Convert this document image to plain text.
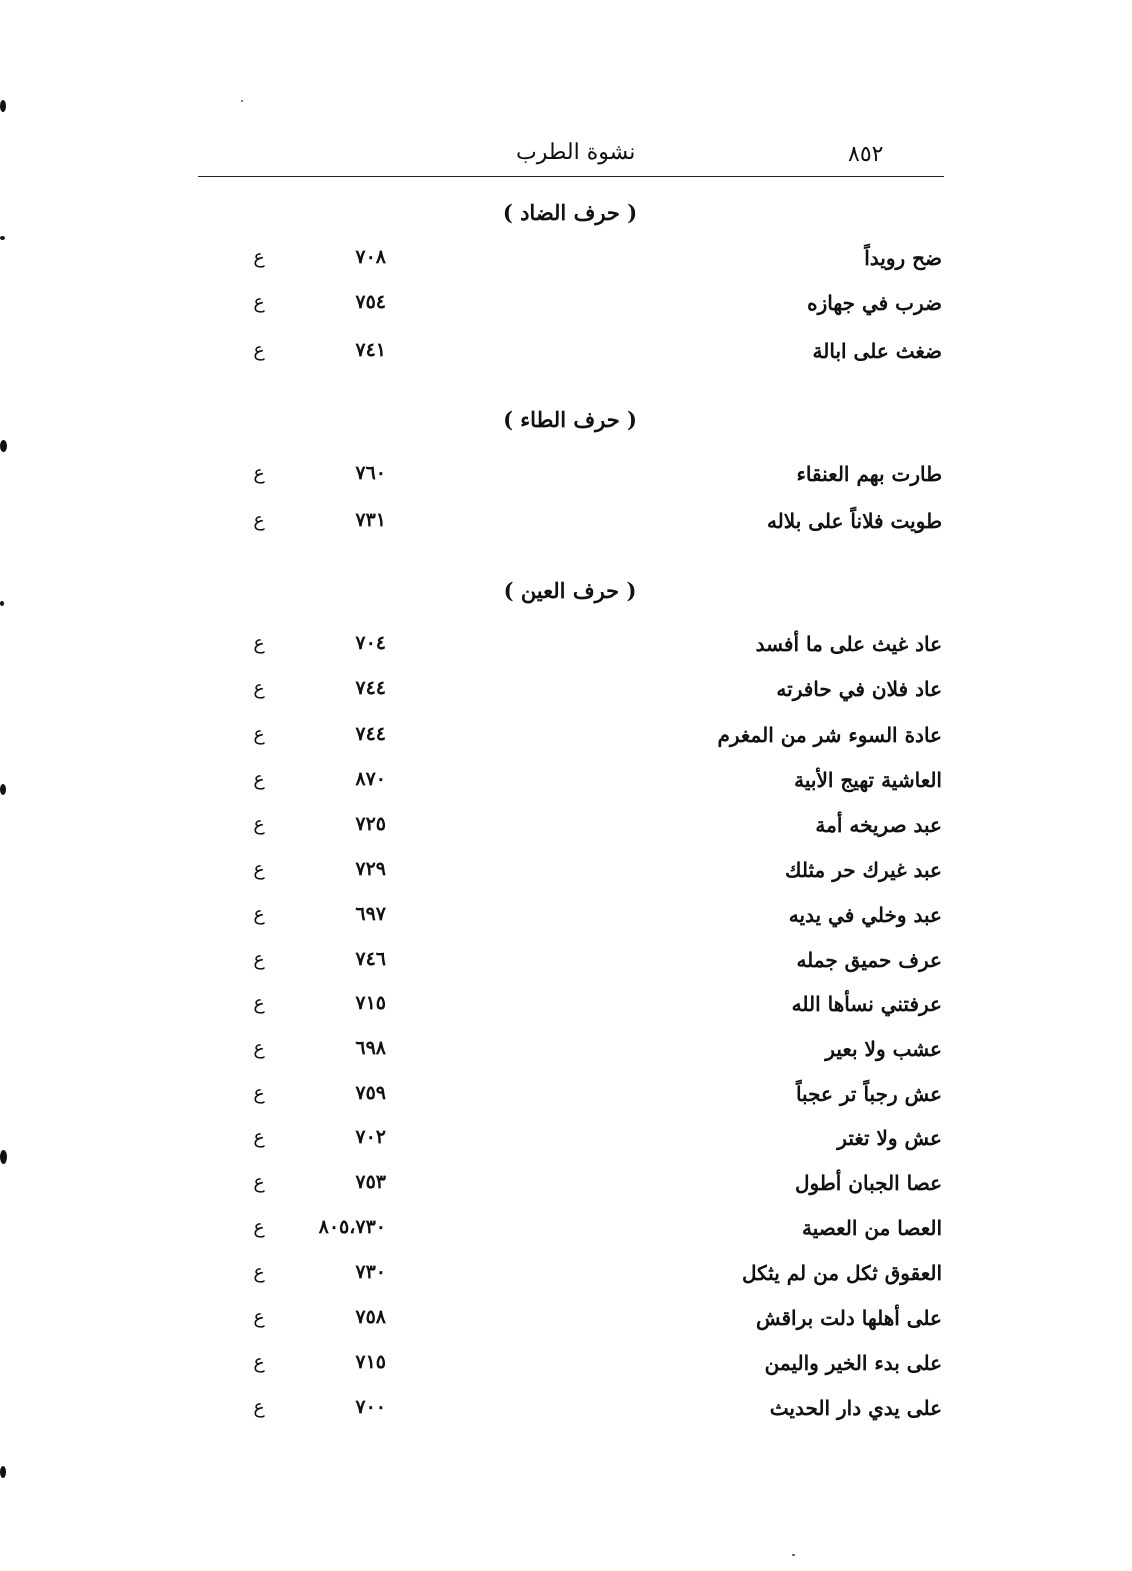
٨٥٢
نشوة الطرب
( حرف الضاد )
ضح رويداً
٧٠٨
ع
ضرب في جهازه
٧٥٤
ع
ضغث على ابالة
٧٤١
ع
( حرف الطاء )
طارت بهم العنقاء
٧٦٠
ع
طويت فلاناً على بلاله
٧٣١
ع
( حرف العين )
عاد غيث على ما أفسد
٧٠٤
ع
عاد فلان في حافرته
٧٤٤
ع
عادة السوء شر من المغرم
٧٤٤
ع
العاشية تهيج الأبية
٨٧٠
ع
عبد صريخه أمة
٧٢٥
ع
عبد غيرك حر مثلك
٧٢٩
ع
عبد وخلي في يديه
٦٩٧
ع
عرف حميق جمله
٧٤٦
ع
عرفتني نسأها الله
٧١٥
ع
عشب ولا بعير
٦٩٨
ع
عش رجباً تر عجباً
٧٥٩
ع
عش ولا تغتر
٧٠٢
ع
عصا الجبان أطول
٧٥٣
ع
العصا من العصية
٨٠٥،٧٣٠
ع
العقوق ثكل من لم يثكل
٧٣٠
ع
على أهلها دلت براقش
٧٥٨
ع
على بدء الخير واليمن
٧١٥
ع
على يدي دار الحديث
٧٠٠
ع
